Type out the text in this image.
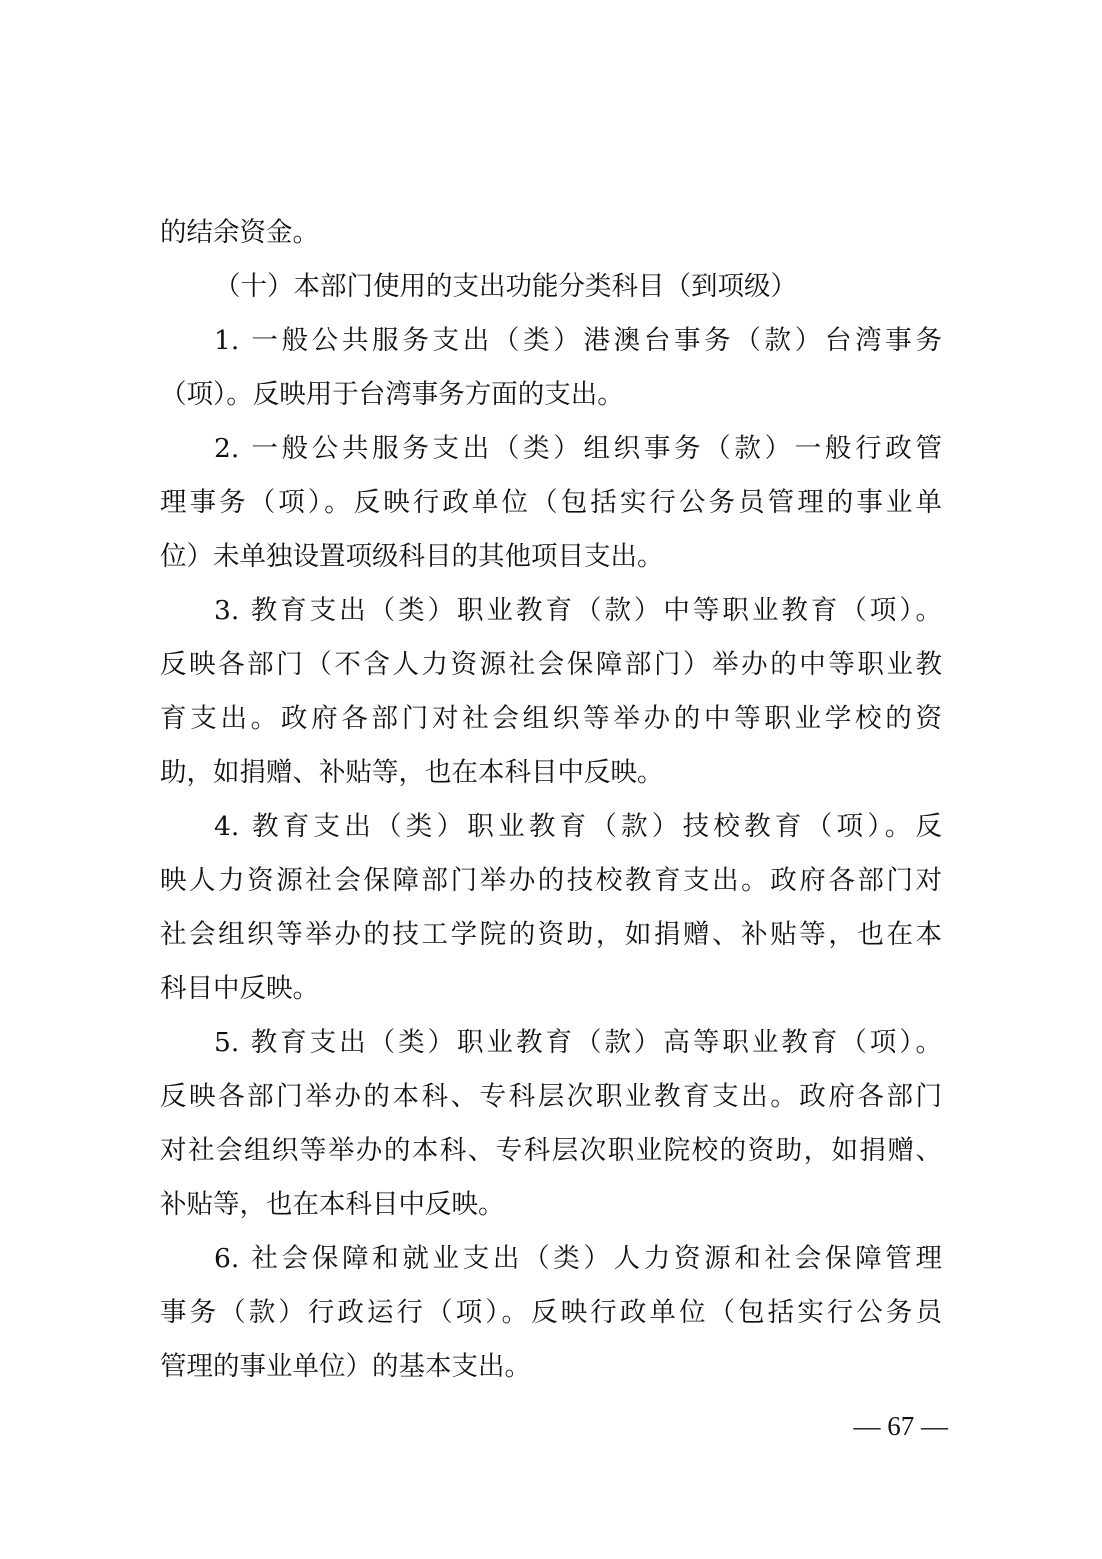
的结余资金。
（十）本部门使用的支出功能分类科目（到项级）
1. 一般公共服务支出（类）港澳台事务（款）台湾事务
（项）。反映用于台湾事务方面的支出。
2. 一般公共服务支出（类）组织事务（款）一般行政管
理事务（项）。反映行政单位（包括实行公务员管理的事业单
位）未单独设置项级科目的其他项目支出。
3. 教育支出（类）职业教育（款）中等职业教育（项）。
反映各部门（不含人力资源社会保障部门）举办的中等职业教
育支出。政府各部门对社会组织等举办的中等职业学校的资
助，如捐赠、补贴等，也在本科目中反映。
4. 教育支出（类）职业教育（款）技校教育（项）。反
映人力资源社会保障部门举办的技校教育支出。政府各部门对
社会组织等举办的技工学院的资助，如捐赠、补贴等，也在本
科目中反映。
5. 教育支出（类）职业教育（款）高等职业教育（项）。
反映各部门举办的本科、专科层次职业教育支出。政府各部门
对社会组织等举办的本科、专科层次职业院校的资助，如捐赠、
补贴等，也在本科目中反映。
6. 社会保障和就业支出（类）人力资源和社会保障管理
事务（款）行政运行（项）。反映行政单位（包括实行公务员
管理的事业单位）的基本支出。
— 67 —
